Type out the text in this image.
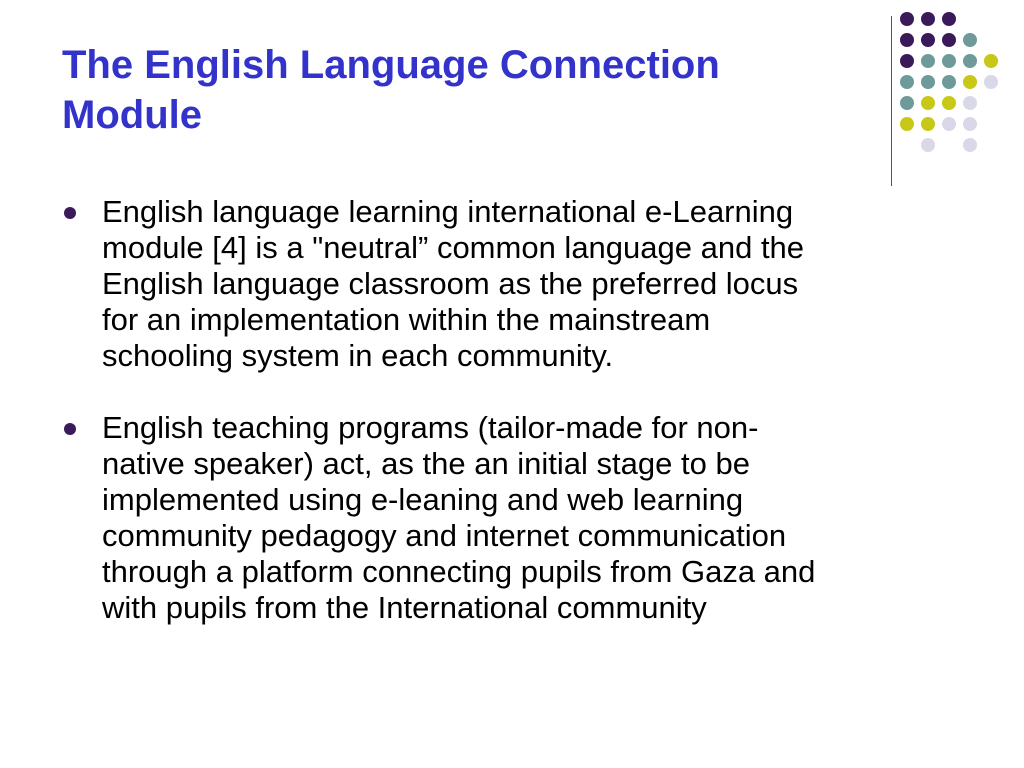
The English Language Connection
Module
English language learning international e-Learning
module [4] is a "neutral” common language and the
English language classroom as the preferred locus
for an implementation within the mainstream
schooling system in each community.
English teaching programs (tailor-made for non-
native speaker) act, as the an initial stage to be
implemented using e-leaning and web learning
community pedagogy and internet communication
through a platform connecting pupils from Gaza and
with pupils from the International community
